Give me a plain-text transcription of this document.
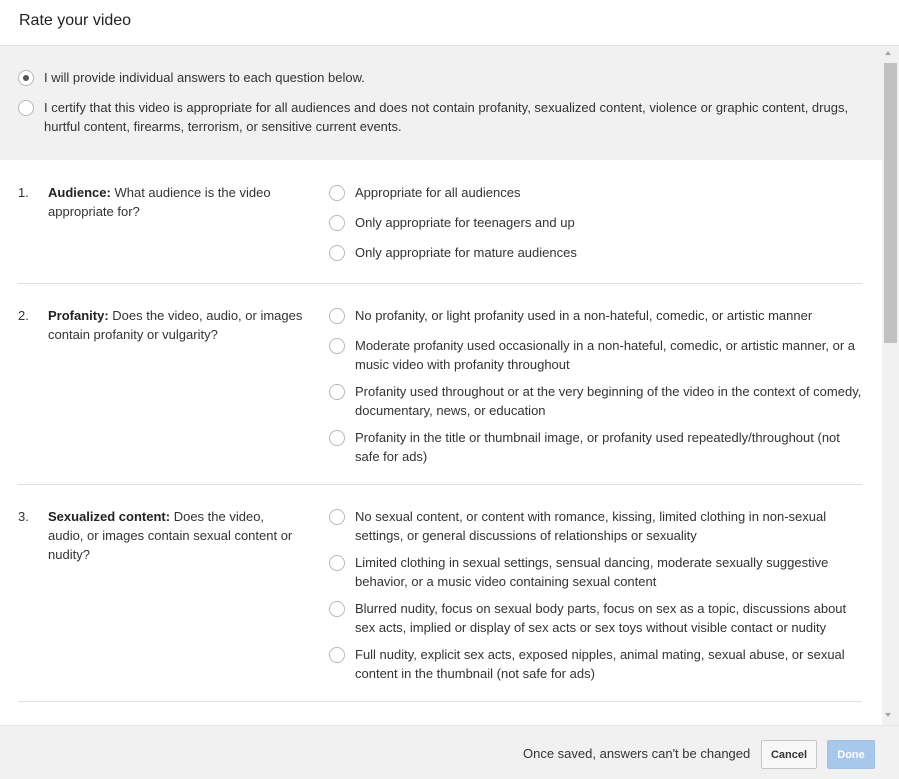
Rate your video
I will provide individual answers to each question below.
I certify that this video is appropriate for all audiences and does not contain profanity, sexualized content, violence or graphic content, drugs, hurtful content, firearms, terrorism, or sensitive current events.
1. Audience: What audience is the video appropriate for?
Appropriate for all audiences
Only appropriate for teenagers and up
Only appropriate for mature audiences
2. Profanity: Does the video, audio, or images contain profanity or vulgarity?
No profanity, or light profanity used in a non-hateful, comedic, or artistic manner
Moderate profanity used occasionally in a non-hateful, comedic, or artistic manner, or a music video with profanity throughout
Profanity used throughout or at the very beginning of the video in the context of comedy, documentary, news, or education
Profanity in the title or thumbnail image, or profanity used repeatedly/throughout (not safe for ads)
3. Sexualized content: Does the video, audio, or images contain sexual content or nudity?
No sexual content, or content with romance, kissing, limited clothing in non-sexual settings, or general discussions of relationships or sexuality
Limited clothing in sexual settings, sensual dancing, moderate sexually suggestive behavior, or a music video containing sexual content
Blurred nudity, focus on sexual body parts, focus on sex as a topic, discussions about sex acts, implied or display of sex acts or sex toys without visible contact or nudity
Full nudity, explicit sex acts, exposed nipples, animal mating, sexual abuse, or sexual content in the thumbnail (not safe for ads)
Once saved, answers can't be changed	Cancel	Done
